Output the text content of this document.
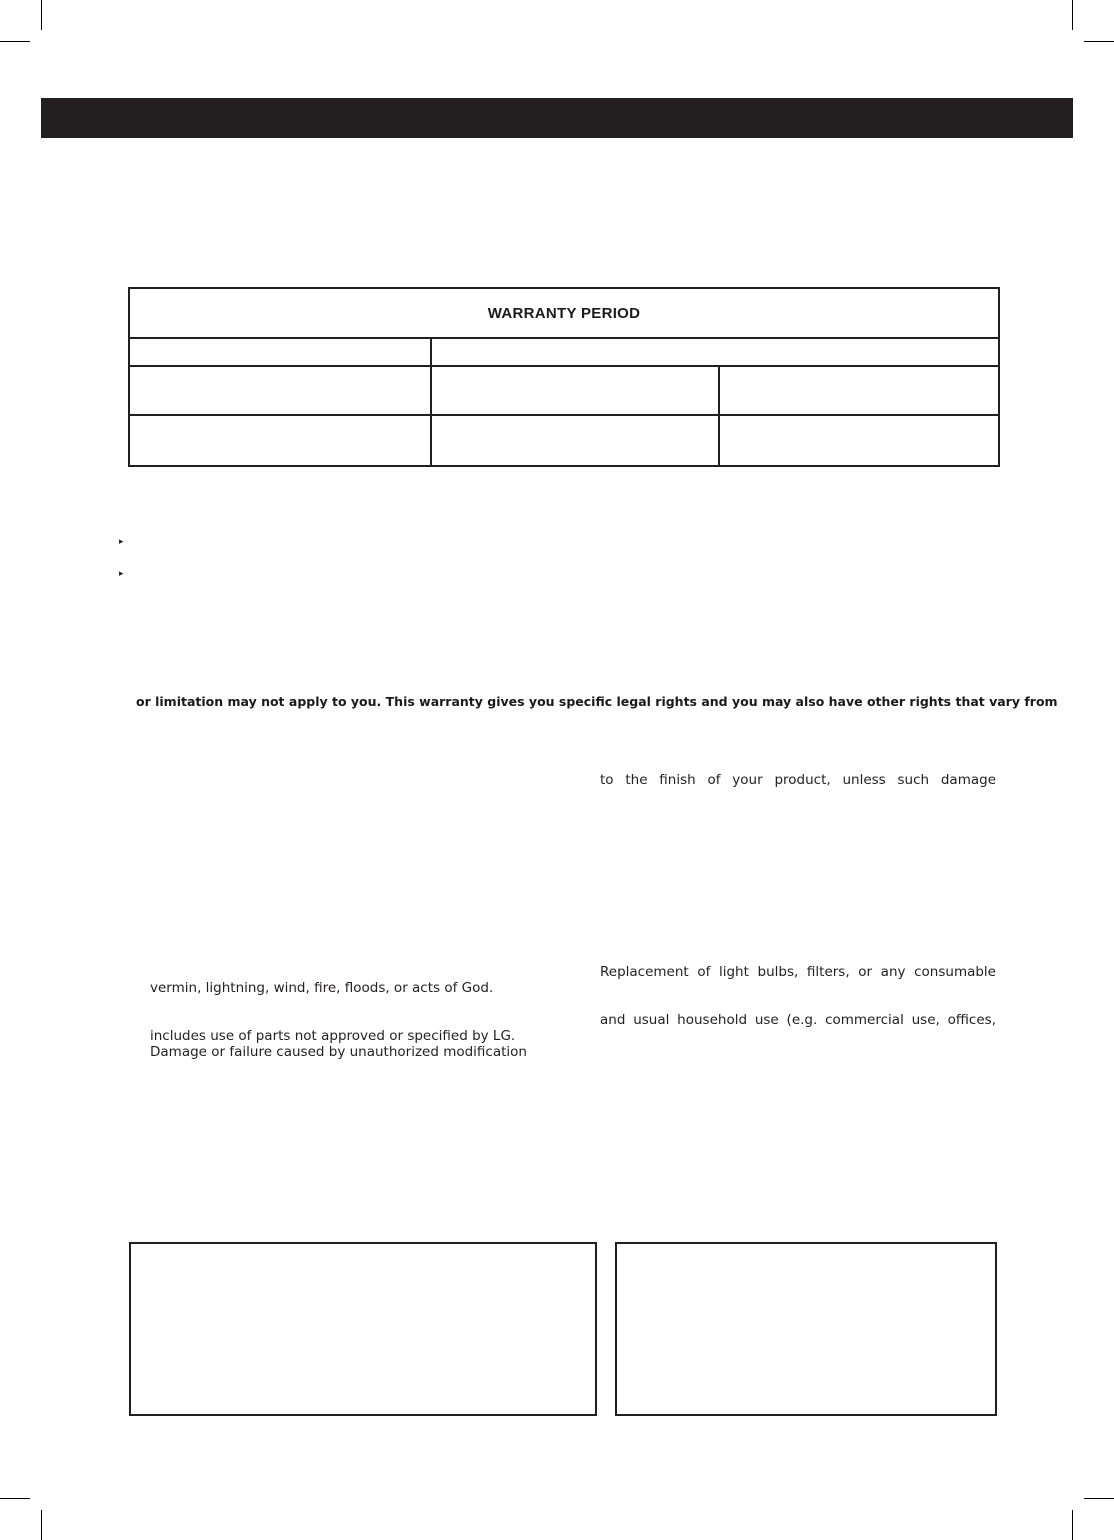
WARRANTY PERIOD		

▸
▸
or limitation may not apply to you. This warranty gives you specific legal rights and you may also have other rights that vary from
to the finish of your product, unless such damage
Replacement of light bulbs, filters, or any consumable
and usual household use (e.g. commercial use, offices,
vermin, lightning, wind, fire, floods, or acts of God.
includes use of parts not approved or specified by LG.
Damage or failure caused by unauthorized modification
